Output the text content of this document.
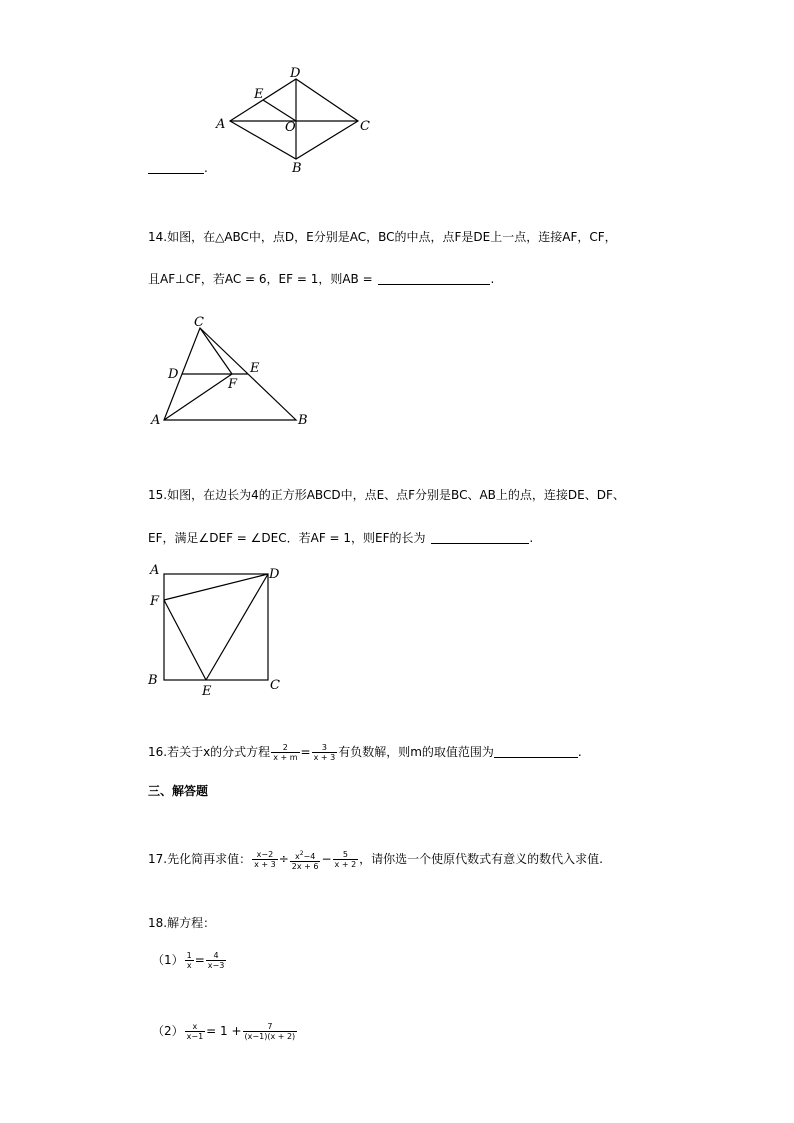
D
E
A	O	C
B
.
14.如图，在△ABC中，点D，E分别是AC，BC的中点，点F是DE上一点，连接AF，CF，
且AF⊥CF，若AC = 6，EF = 1，则AB =	.
C
D	E
F
A	B
15.如图，在边长为4的正方形ABCD中，点E、点F分别是BC、AB上的点，连接DE、DF、
EF，满足∠DEF = ∠DEC．若AF = 1，则EF的长为	.
A	D
F
B
E	C
16.若关于x的分式方程 $\frac{2}{x + m} = \frac{3}{x + 3}$ 有负数解，则m的取值范围为	.
三、解答题
17.先化简再求值： $\frac{x-2}{x + 3} \div \frac{x^2-4}{2x + 6} - \frac{5}{x + 2}$ ，请你选一个使原代数式有意义的数代入求值.
18.解方程：
$(1) \frac{1}{x} = \frac{4}{x-3}$
$(2) \frac{x}{x-1} = 1 + \frac{7}{(x-1)(x + 2)}$
